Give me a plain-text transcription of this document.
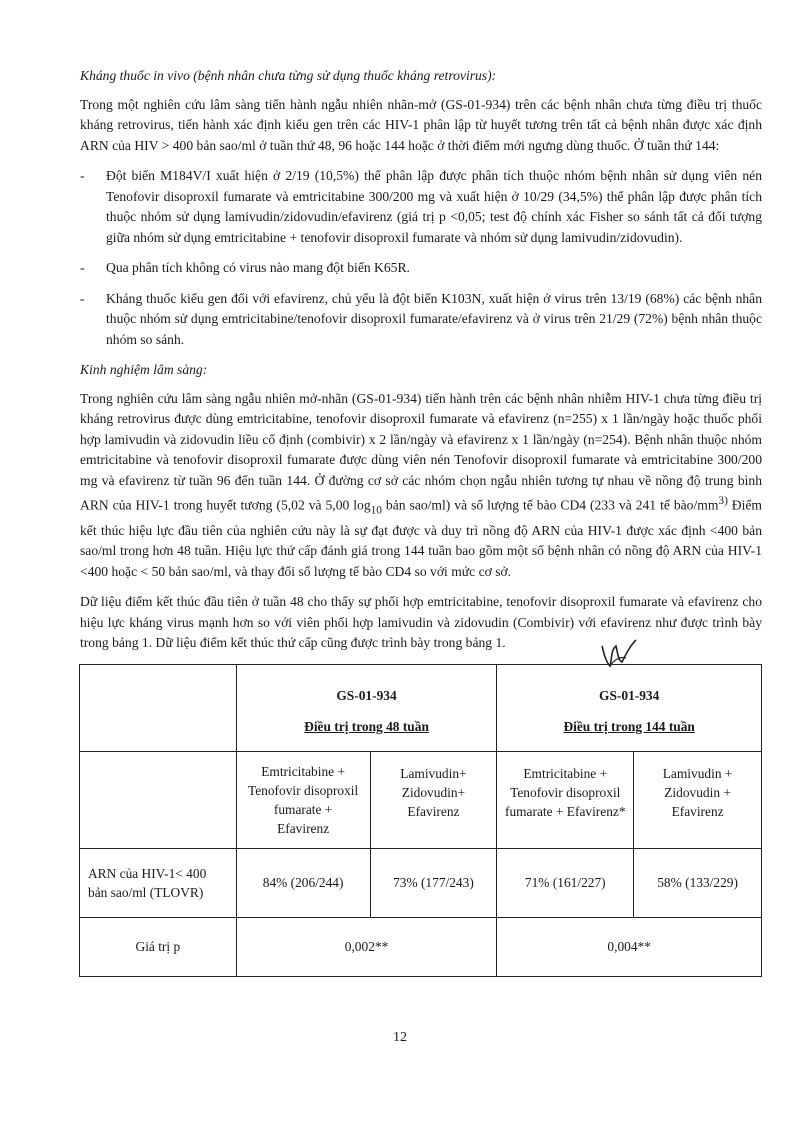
Kháng thuốc in vivo (bệnh nhân chưa từng sử dụng thuốc kháng retrovirus):

Trong một nghiên cứu lâm sàng tiến hành ngẫu nhiên nhãn-mở (GS-01-934) trên các bệnh nhân chưa từng điều trị thuốc kháng retrovirus, tiến hành xác định kiểu gen trên các HIV-1 phân lập từ huyết tương trên tất cả bệnh nhân được xác định ARN của HIV > 400 bản sao/ml ở tuần thứ 48, 96 hoặc 144 hoặc ở thời điểm mới ngưng dùng thuốc. Ở tuần thứ 144:

- Đột biến M184V/I xuất hiện ở 2/19 (10,5%) thể phân lập được phân tích thuộc nhóm bệnh nhân sử dụng viên nén Tenofovir disoproxil fumarate và emtricitabine 300/200 mg và xuất hiện ở 10/29 (34,5%) thể phân lập được phân tích thuộc nhóm sử dụng lamivudin/zidovudin/efavirenz (giá trị p <0,05; test độ chính xác Fisher so sánh tất cả đối tượng giữa nhóm sử dụng emtricitabine + tenofovir disoproxil fumarate và nhóm sử dụng lamivudin/zidovudin).
- Qua phân tích không có virus nào mang đột biến K65R.
- Kháng thuốc kiểu gen đối với efavirenz, chủ yếu là đột biến K103N, xuất hiện ở virus trên 13/19 (68%) các bệnh nhân thuộc nhóm sử dụng emtricitabine/tenofovir disoproxil fumarate/efavirenz và ở virus trên 21/29 (72%) bệnh nhân thuộc nhóm so sánh.
Kinh nghiệm lâm sàng:

Trong nghiên cứu lâm sàng ngẫu nhiên mở-nhãn (GS-01-934) tiến hành trên các bệnh nhân nhiễm HIV-1 chưa từng điều trị kháng retrovirus được dùng emtricitabine, tenofovir disoproxil fumarate và efavirenz (n=255) x 1 lần/ngày hoặc thuốc phối hợp lamivudin và zidovudin liều cố định (combivir) x 2 lần/ngày và efavirenz x 1 lần/ngày (n=254). Bệnh nhân thuộc nhóm emtricitabine và tenofovir disoproxil fumarate được dùng viên nén Tenofovir disoproxil fumarate và emtricitabine 300/200 mg và efavirenz từ tuần 96 đến tuần 144. Ở đường cơ sở các nhóm chọn ngẫu nhiên tương tự nhau về nồng độ trung bình ARN của HIV-1 trong huyết tương (5,02 và 5,00 $\log_{10}$ bản sao/ml) và số lượng tế bào CD4 (233 và 241 tế bào/$mm^{3)}$ Điểm kết thúc hiệu lực đầu tiên của nghiên cứu này là sự đạt được và duy trì nồng độ ARN của HIV-1 được xác định <400 bản sao/ml trong hơn 48 tuần. Hiệu lực thứ cấp đánh giá trong 144 tuần bao gồm một số bệnh nhân có nồng độ ARN của HIV-1 <400 hoặc < 50 bản sao/ml, và thay đổi số lượng tế bào CD4 so với mức cơ sở.

Dữ liệu điểm kết thúc đầu tiên ở tuần 48 cho thấy sự phối hợp emtricitabine, tenofovir disoproxil fumarate và efavirenz cho hiệu lực kháng virus mạnh hơn so với viên phối hợp lamivudin và zidovudin (Combivir) với efavirenz như được trình bày trong bảng 1. Dữ liệu điểm kết thúc thứ cấp cũng được trình bày trong bảng 1.

	GS-01-934
Điều trị trong 48 tuần		GS-01-934
Điều trị trong 144 tuần	

	Emtricitabine +
Tenofovir disoproxil
fumarate +
Efavirenz	Lamivudin+
Zidovudin+
Efavirenz	Emtricitabine +
Tenofovir disoproxil
fumarate + Efavirenz*	Lamivudin +
Zidovudin +
Efavirenz

ARN của HIV-1< 400
bản sao/ml (TLOVR)	84% (206/244)	73% (177/243)	71% (161/227)	58% (133/229)
Giá trị p	0,002**		0,004**	
12
